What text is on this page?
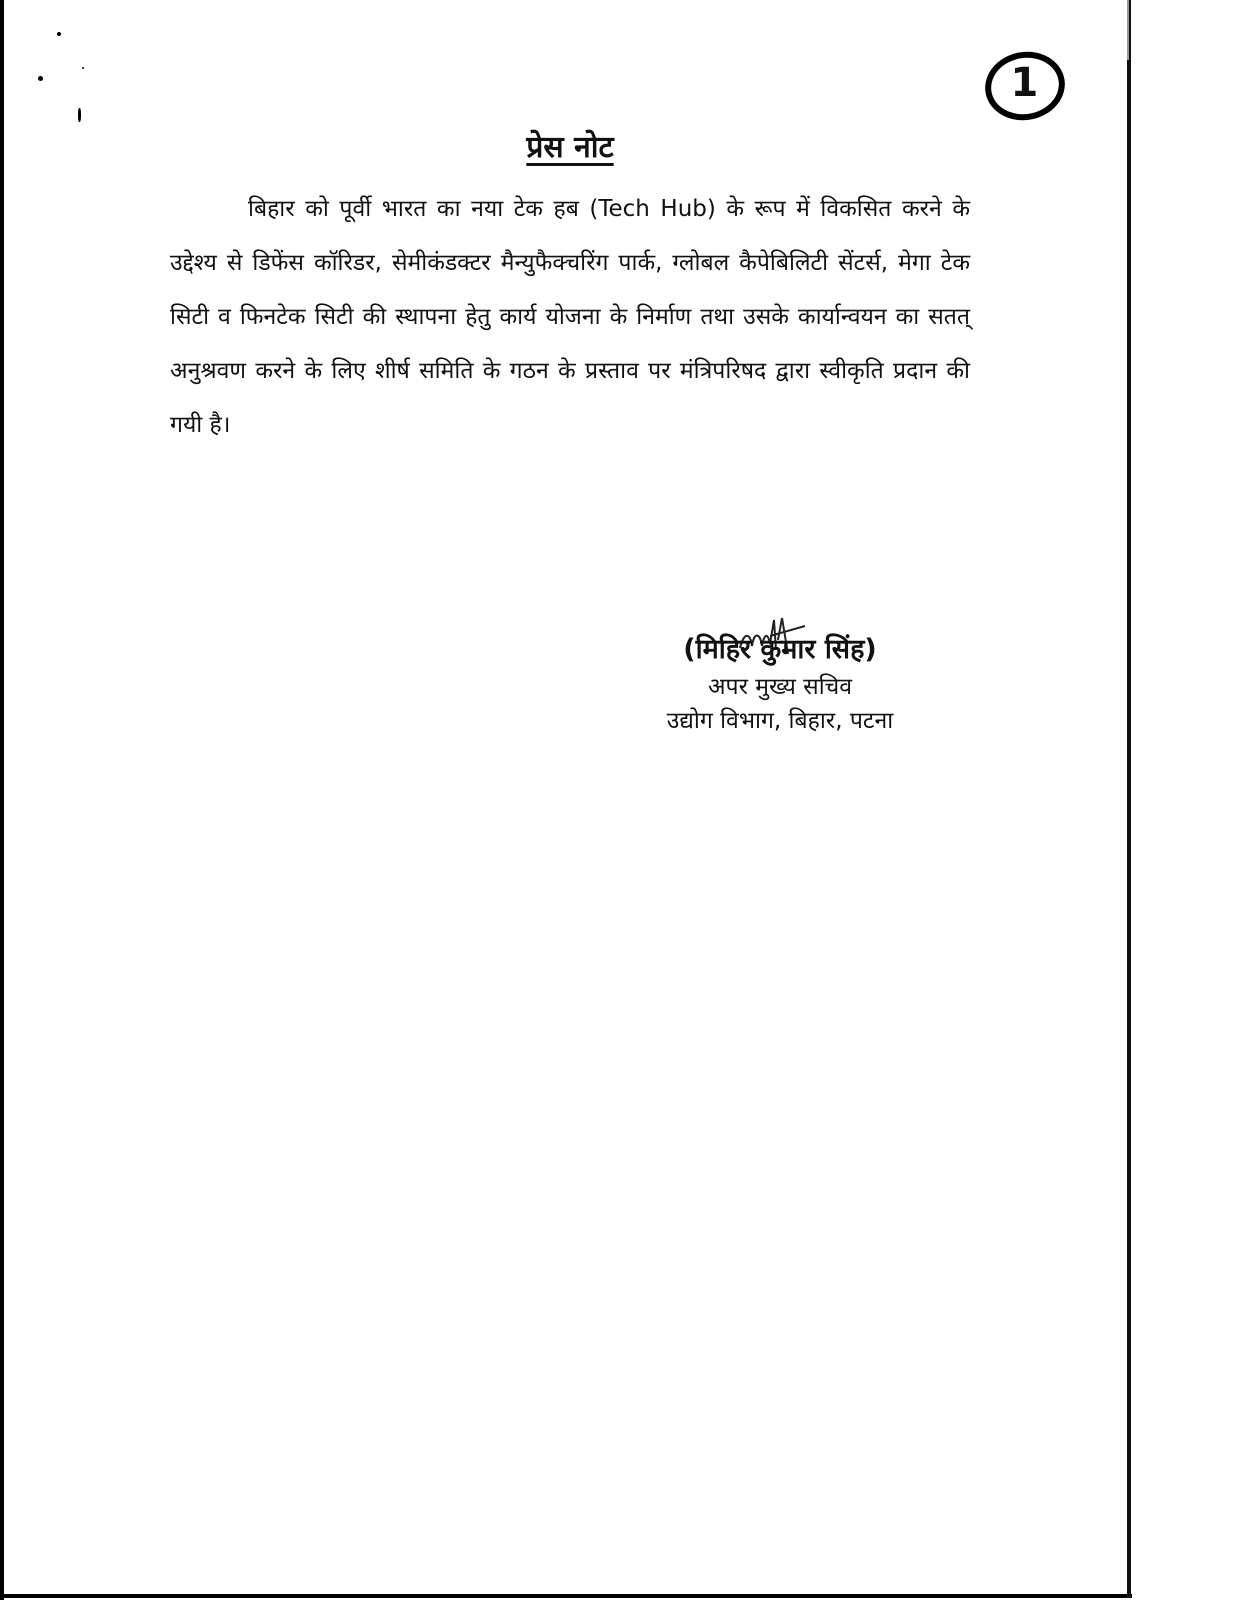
1
प्रेस नोट
बिहार को पूर्वी भारत का नया टेक हब (Tech Hub) के रूप में विकसित करने के उद्देश्य से डिफेंस कॉरिडर, सेमीकंडक्टर मैन्युफैक्चरिंग पार्क, ग्लोबल कैपेबिलिटी सेंटर्स, मेगा टेक सिटी व फिनटेक सिटी की स्थापना हेतु कार्य योजना के निर्माण तथा उसके कार्यान्वयन का सतत् अनुश्रवण करने के लिए शीर्ष समिति के गठन के प्रस्ताव पर मंत्रिपरिषद द्वारा स्वीकृति प्रदान की गयी है।
(मिहिर कुमार सिंह)
अपर मुख्य सचिव
उद्योग विभाग, बिहार, पटना
